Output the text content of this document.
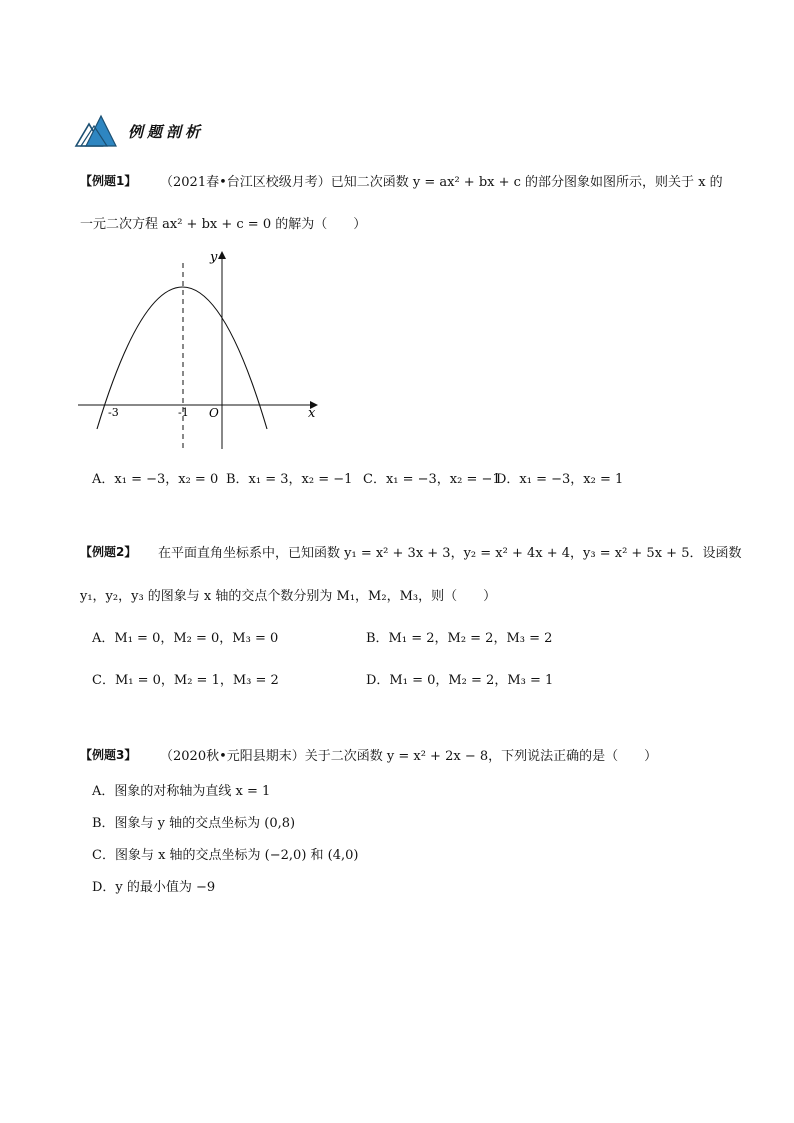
例题剖析
【例题1】 （2021春•台江区校级月考）已知二次函数 y = ax² + bx + c 的部分图象如图所示，则关于 x 的
一元二次方程 ax² + bx + c = 0 的解为（　　）
y
x
O
-3	-1
A．x₁ = −3，x₂ = 0 B．x₁ = 3，x₂ = −1 C．x₁ = −3，x₂ = −1
D．x₁ = −3，x₂ = 1
【例题2】 在平面直角坐标系中，已知函数 y₁ = x² + 3x + 3，y₂ = x² + 4x + 4，y₃ = x² + 5x + 5．设函数
y₁，y₂，y₃ 的图象与 x 轴的交点个数分别为 M₁，M₂，M₃，则（　　）
A．M₁ = 0，M₂ = 0，M₃ = 0	B．M₁ = 2，M₂ = 2，M₃ = 2
C．M₁ = 0，M₂ = 1，M₃ = 2	D．M₁ = 0，M₂ = 2，M₃ = 1
【例题3】 （2020秋•元阳县期末）关于二次函数 y = x² + 2x − 8，下列说法正确的是（　　）
A．图象的对称轴为直线 x = 1
B．图象与 y 轴的交点坐标为 (0,8)
C．图象与 x 轴的交点坐标为 (−2,0) 和 (4,0)
D．y 的最小值为 −9
